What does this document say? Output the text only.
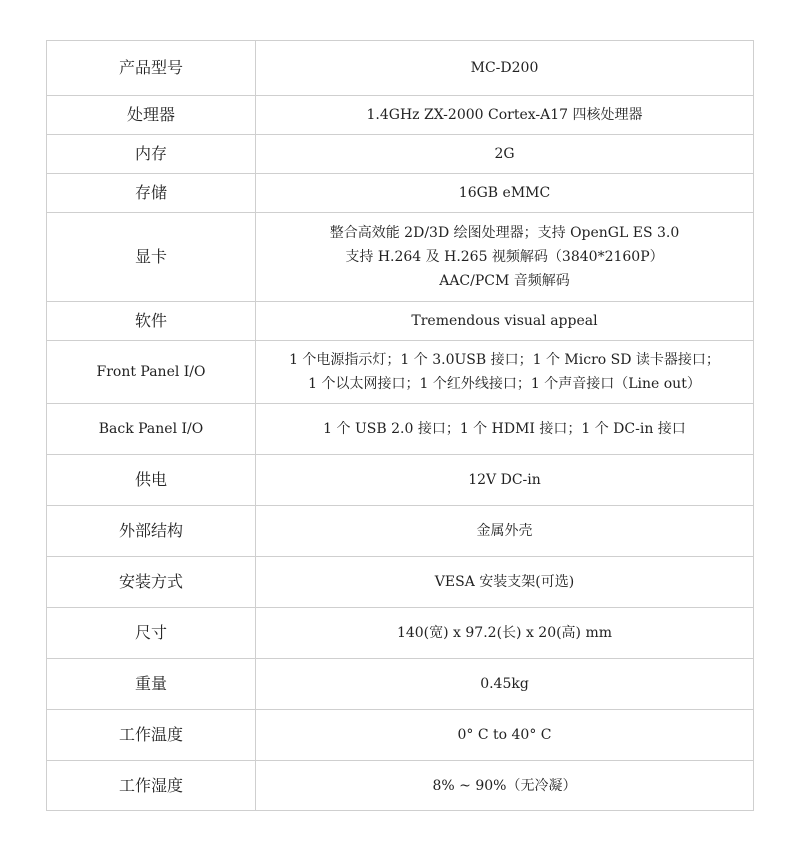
产品型号	MC-D200

处理器	1.4GHz ZX-2000 Cortex-A17 四核处理器

内存	2G

存储	16GB eMMC

显卡	整合高效能 2D/3D 绘图处理器；支持 OpenGL ES 3.0
支持 H.264 及 H.265 视频解码（3840*2160P）
AAC/PCM 音频解码

软件	Tremendous visual appeal

Front Panel I/O	1 个电源指示灯；1 个 3.0USB 接口；1 个 Micro SD 读卡器接口；
1 个以太网接口；1 个红外线接口；1 个声音接口（Line out）

Back Panel I/O	1 个 USB 2.0 接口；1 个 HDMI 接口；1 个 DC-in 接口

供电	12V DC-in

外部结构	金属外壳

安装方式	VESA 安装支架(可选)

尺寸	140(宽) x 97.2(长) x 20(高) mm

重量	0.45kg

工作温度	0° C to 40° C

工作湿度	8% ~ 90%（无冷凝）
